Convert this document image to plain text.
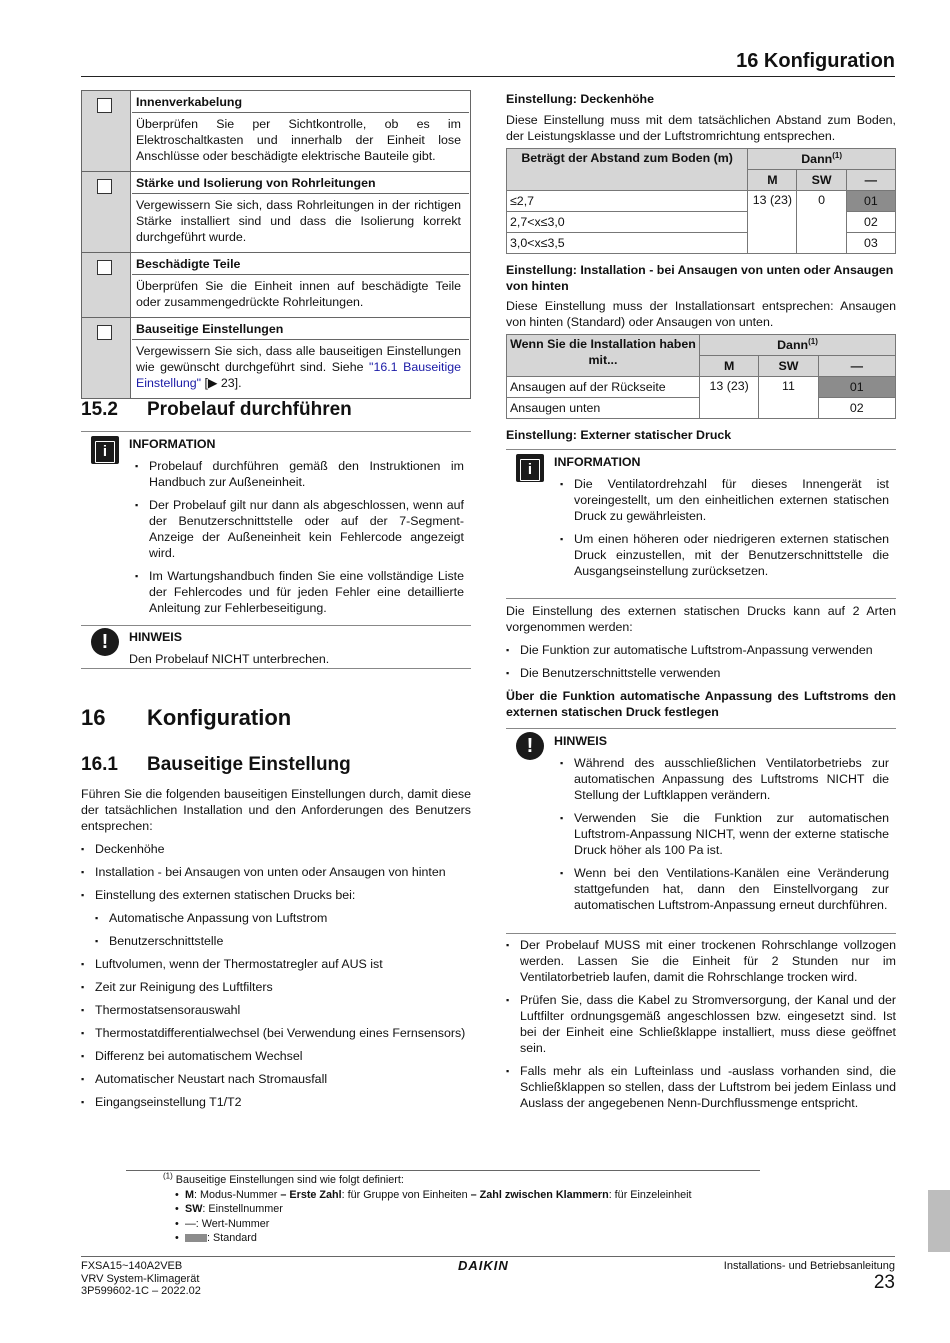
16 Konfiguration

	Innenverkabelung
Überprüfen Sie per Sichtkontrolle, ob es im Elektroschaltkasten und innerhalb der Einheit lose Anschlüsse oder beschädigte elektrische Bauteile gibt.

	Stärke und Isolierung von Rohrleitungen
Vergewissern Sie sich, dass Rohrleitungen in der richtigen Stärke installiert sind und dass die Isolierung korrekt durchgeführt wurde.

	Beschädigte Teile
Überprüfen Sie die Einheit innen auf beschädigte Teile oder zusammengedrückte Rohrleitungen.

	Bauseitige Einstellungen
Vergewissern Sie sich, dass alle bauseitigen Einstellungen wie gewünscht durchgeführt sind. Siehe "16.1 Bauseitige Einstellung" [▶ 23].
15.2 Probelauf durchführen
i	INFORMATION
▪ Probelauf durchführen gemäß den Instruktionen im Handbuch zur Außeneinheit.
▪ Der Probelauf gilt nur dann als abgeschlossen, wenn auf der Benutzerschnittstelle oder auf der 7-Segment-Anzeige der Außeneinheit kein Fehlercode angezeigt wird.
▪ Im Wartungshandbuch finden Sie eine vollständige Liste der Fehlercodes und für jeden Fehler eine detaillierte Anleitung zur Fehlerbeseitigung.
!	HINWEIS
Den Probelauf NICHT unterbrechen.
16 Konfiguration
16.1 Bauseitige Einstellung
Führen Sie die folgenden bauseitigen Einstellungen durch, damit diese der tatsächlichen Installation und den Anforderungen des Benutzers entsprechen:
▪ Deckenhöhe
▪ Installation - bei Ansaugen von unten oder Ansaugen von hinten
▪ Einstellung des externen statischen Drucks bei:
▪ Automatische Anpassung von Luftstrom
▪ Benutzerschnittstelle
▪ Luftvolumen, wenn der Thermostatregler auf AUS ist
▪ Zeit zur Reinigung des Luftfilters
▪ Thermostatsensorauswahl
▪ Thermostatdifferentialwechsel (bei Verwendung eines Fernsensors)
▪ Differenz bei automatischem Wechsel
▪ Automatischer Neustart nach Stromausfall
▪ Eingangseinstellung T1/T2
Einstellung: Deckenhöhe
Diese Einstellung muss mit dem tatsächlichen Abstand zum Boden, der Leistungsklasse und der Luftstromrichtung entsprechen.
Beträgt der Abstand zum Boden (m)	Dann$^{(1)}$
	M	SW	—
≤2,7	13 (23)	0	01
2,7<x≤3,0			02
3,0<x≤3,5			03
Einstellung: Installation - bei Ansaugen von unten oder Ansaugen von hinten
Diese Einstellung muss der Installationsart entsprechen: Ansaugen von hinten (Standard) oder Ansaugen von unten.
Wenn Sie die Installation haben mit...	Dann$^{(1)}$
	M	SW	—
Ansaugen auf der Rückseite	13 (23)	11	01
Ansaugen unten			02
Einstellung: Externer statischer Druck
i	INFORMATION
▪ Die Ventilatordrehzahl für dieses Innengerät ist voreingestellt, um den einheitlichen externen statischen Druck zu gewährleisten.
▪ Um einen höheren oder niedrigeren externen statischen Druck einzustellen, mit der Benutzerschnittstelle die Ausgangseinstellung zurücksetzen.
Die Einstellung des externen statischen Drucks kann auf 2 Arten vorgenommen werden:
▪ Die Funktion zur automatische Luftstrom-Anpassung verwenden
▪ Die Benutzerschnittstelle verwenden
Über die Funktion automatische Anpassung des Luftstroms den externen statischen Druck festlegen
!	HINWEIS
▪ Während des ausschließlichen Ventilatorbetriebs zur automatischen Anpassung des Luftstroms NICHT die Stellung der Luftklappen verändern.
▪ Verwenden Sie die Funktion zur automatischen Luftstrom-Anpassung NICHT, wenn der externe statische Druck höher als 100 Pa ist.
▪ Wenn bei den Ventilations-Kanälen eine Veränderung stattgefunden hat, dann den Einstellvorgang zur automatischen Luftstrom-Anpassung erneut durchführen.
▪ Der Probelauf MUSS mit einer trockenen Rohrschlange vollzogen werden. Lassen Sie die Einheit für 2 Stunden nur im Ventilatorbetrieb laufen, damit die Rohrschlange trocken wird.
▪ Prüfen Sie, dass die Kabel zu Stromversorgung, der Kanal und der Luftfilter ordnungsgemäß angeschlossen bzw. eingesetzt sind. Ist bei der Einheit eine Schließklappe installiert, muss diese geöffnet sein.
▪ Falls mehr als ein Lufteinlass und -auslass vorhanden sind, die Schließklappen so stellen, dass der Luftstrom bei jedem Einlass und Auslass der angegebenen Nenn-Durchflussmenge entspricht.
$^{(1)}$ Bauseitige Einstellungen sind wie folgt definiert:
• M: Modus-Nummer – Erste Zahl: für Gruppe von Einheiten – Zahl zwischen Klammern: für Einzeleinheit
• SW: Einstellnummer
• —: Wert-Nummer
• : Standard
FXSA15~140A2VEB
VRV System-Klimagerät
3P599602-1C – 2022.02
DAIKIN	Installations- und Betriebsanleitung
23
